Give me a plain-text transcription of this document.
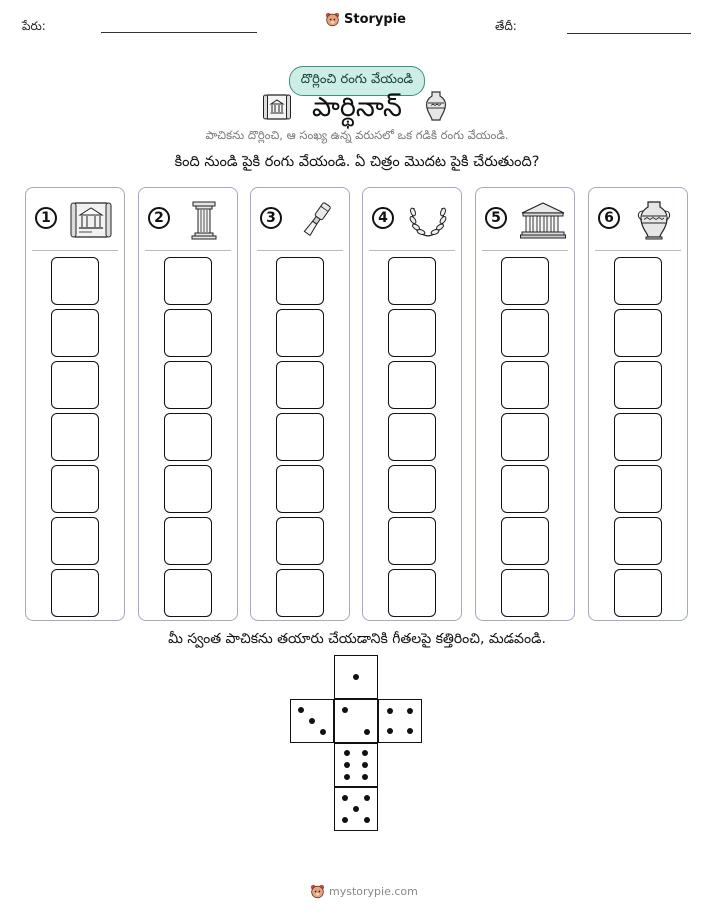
పేరు:	Storypie	తేదీ:
దొర్లించి రంగు వేయండి
పార్థినాన్
పాచికను దొర్లించి, ఆ సంఖ్య ఉన్న వరుసలో ఒక గడికి రంగు వేయండి.
కింది నుండి పైకి రంగు వేయండి. ఏ చిత్రం మొదట పైకి చేరుతుంది?
1	2	3	4	5	6
మీ స్వంత పాచికను తయారు చేయడానికి గీతలపై కత్తిరించి, మడవండి.
mystorypie.com
